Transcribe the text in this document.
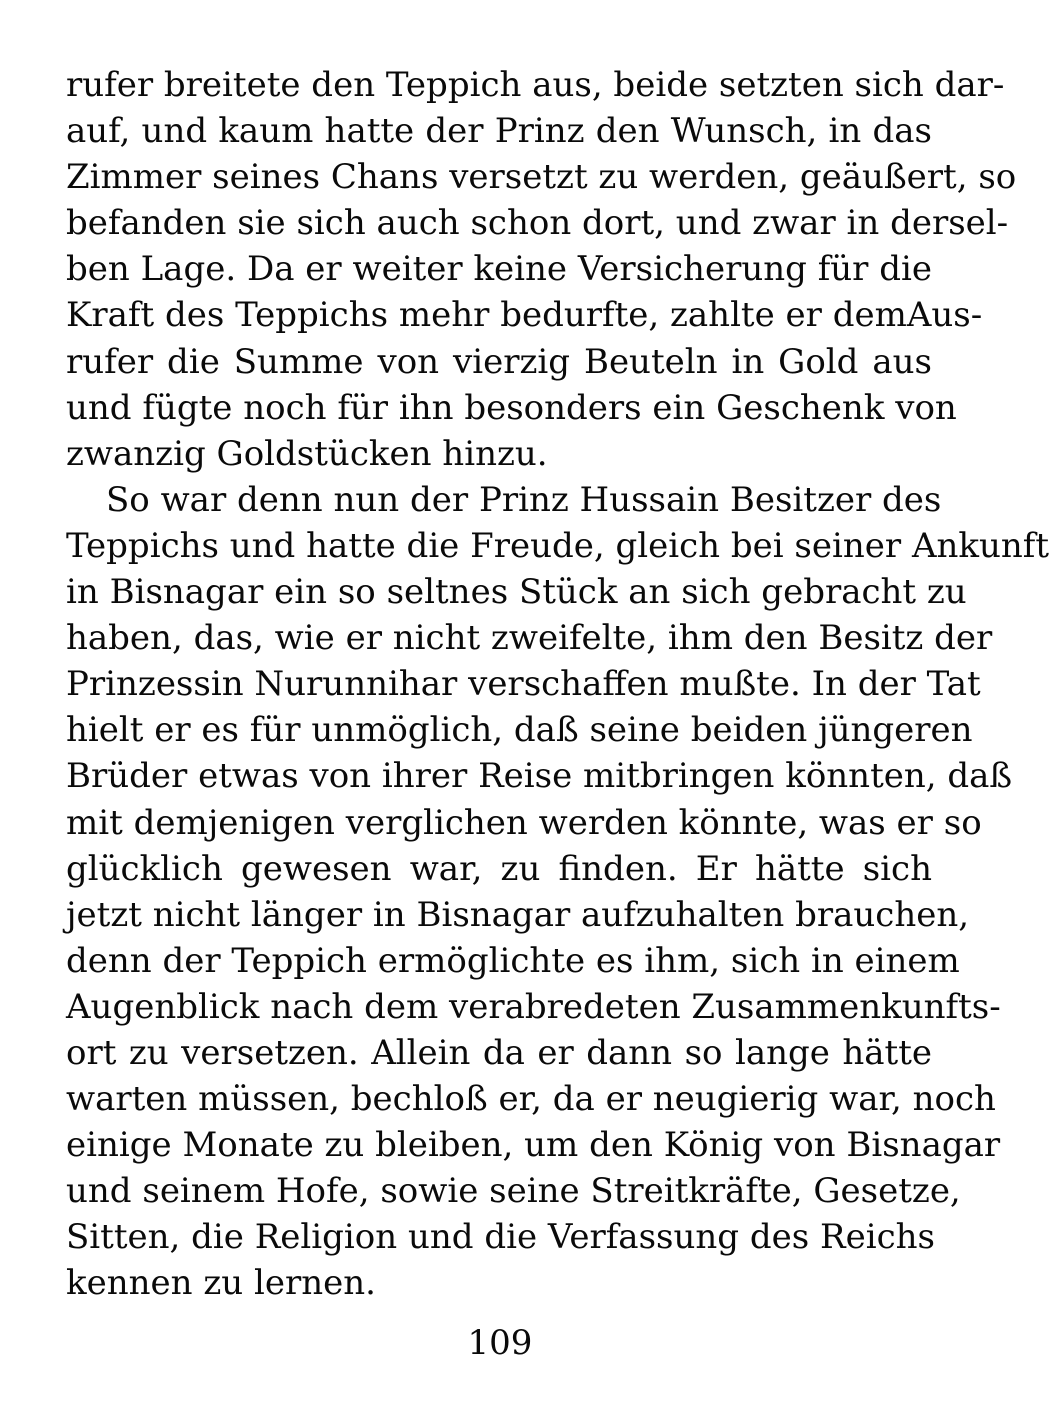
rufer breitete den Teppich aus, beide setzten sich dar-
auf, und kaum hatte der Prinz den Wunsch, in das
Zimmer seines Chans versetzt zu werden, geäußert, so
befanden sie sich auch schon dort, und zwar in dersel-
ben Lage. Da er weiter keine Versicherung für die
Kraft des Teppichs mehr bedurfte, zahlte er demAus-
rufer die Summe von vierzig Beuteln in Gold aus
und fügte noch für ihn besonders ein Geschenk von
zwanzig Goldstücken hinzu.
So war denn nun der Prinz Hussain Besitzer des
Teppichs und hatte die Freude, gleich bei seiner Ankunft
in Bisnagar ein so seltnes Stück an sich gebracht zu
haben, das, wie er nicht zweifelte, ihm den Besitz der
Prinzessin Nurunnihar verschaffen mußte. In der Tat
hielt er es für unmöglich, daß seine beiden jüngeren
Brüder etwas von ihrer Reise mitbringen könnten, daß
mit demjenigen verglichen werden könnte, was er so
glücklich gewesen war, zu finden. Er hätte sich
jetzt nicht länger in Bisnagar aufzuhalten brauchen,
denn der Teppich ermöglichte es ihm, sich in einem
Augenblick nach dem verabredeten Zusammenkunfts-
ort zu versetzen. Allein da er dann so lange hätte
warten müssen, bechloß er, da er neugierig war, noch
einige Monate zu bleiben, um den König von Bisnagar
und seinem Hofe, sowie seine Streitkräfte, Gesetze,
Sitten, die Religion und die Verfassung des Reichs
kennen zu lernen.
109
